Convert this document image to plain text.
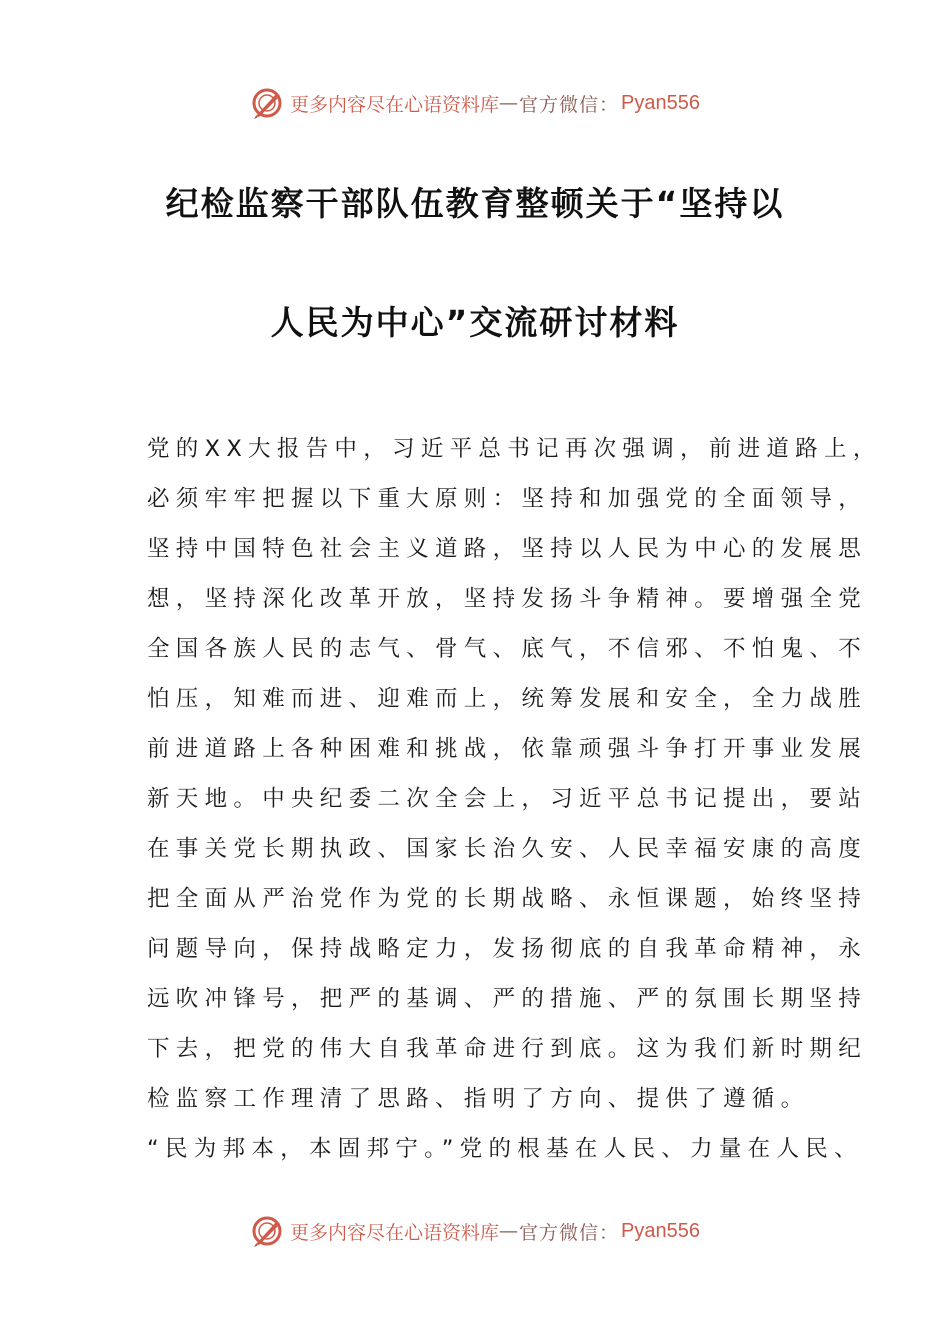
更多内容尽在心语资料库 — 官方微信： Pyan556
纪检监察干部队伍教育整顿关于“坚持以
人民为中心”交流研讨材料
党的XX大报告中，习近平总书记再次强调，前进道路上，
必须牢牢把握以下重大原则：坚持和加强党的全面领导，
坚持中国特色社会主义道路，坚持以人民为中心的发展思
想，坚持深化改革开放，坚持发扬斗争精神。要增强全党
全国各族人民的志气、骨气、底气，不信邪、不怕鬼、不
怕压，知难而进、迎难而上，统筹发展和安全，全力战胜
前进道路上各种困难和挑战，依靠顽强斗争打开事业发展
新天地。中央纪委二次全会上，习近平总书记提出，要站
在事关党长期执政、国家长治久安、人民幸福安康的高度
把全面从严治党作为党的长期战略、永恒课题，始终坚持
问题导向，保持战略定力，发扬彻底的自我革命精神，永
远吹冲锋号，把严的基调、严的措施、严的氛围长期坚持
下去，把党的伟大自我革命进行到底。这为我们新时期纪
检监察工作理清了思路、指明了方向、提供了遵循。
“民为邦本，本固邦宁。”党的根基在人民、力量在人民、
更多内容尽在心语资料库 — 官方微信： Pyan556
